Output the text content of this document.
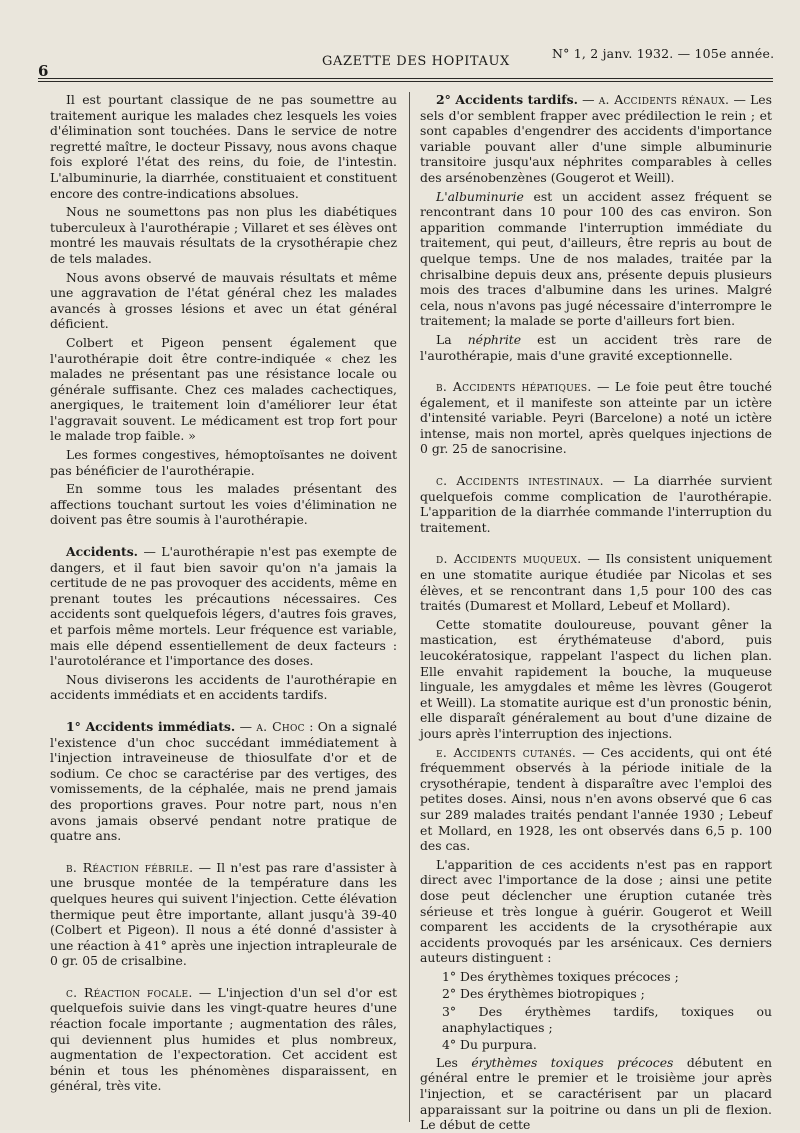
6
GAZETTE DES HOPITAUX
N° 1, 2 janv. 1932. — 105e année.

Il est pourtant classique de ne pas soumettre au traitement aurique les malades chez lesquels les voies d'élimination sont touchées. Dans le service de notre regretté maître, le docteur Pissavy, nous avons chaque fois exploré l'état des reins, du foie, de l'intestin. L'albuminurie, la diarrhée, constituaient et constituent encore des contre-indications absolues.

Nous ne soumettons pas non plus les diabétiques tuberculeux à l'aurothérapie ; Villaret et ses élèves ont montré les mauvais résultats de la crysothérapie chez de tels malades.

Nous avons observé de mauvais résultats et même une aggravation de l'état général chez les malades avancés à grosses lésions et avec un état général déficient.

Colbert et Pigeon pensent également que l'aurothérapie doit être contre-indiquée « chez les malades ne présentant pas une résistance locale ou générale suffisante. Chez ces malades cachectiques, anergiques, le traitement loin d'améliorer leur état l'aggravait souvent. Le médicament est trop fort pour le malade trop faible. »

Les formes congestives, hémoptoïsantes ne doivent pas bénéficier de l'aurothérapie.

En somme tous les malades présentant des affections touchant surtout les voies d'élimination ne doivent pas être soumis à l'aurothérapie.

Accidents. — L'aurothérapie n'est pas exempte de dangers, et il faut bien savoir qu'on n'a jamais la certitude de ne pas provoquer des accidents, même en prenant toutes les précautions nécessaires. Ces accidents sont quelquefois légers, d'autres fois graves, et parfois même mortels. Leur fréquence est variable, mais elle dépend essentiellement de deux facteurs : l'aurotolérance et l'importance des doses.

Nous diviserons les accidents de l'aurothérapie en accidents immédiats et en accidents tardifs.

1° Accidents immédiats. — a. Choc : On a signalé l'existence d'un choc succédant immédiatement à l'injection intraveineuse de thiosulfate d'or et de sodium. Ce choc se caractérise par des vertiges, des vomissements, de la céphalée, mais ne prend jamais des proportions graves. Pour notre part, nous n'en avons jamais observé pendant notre pratique de quatre ans.

b. Réaction fébrile. — Il n'est pas rare d'assister à une brusque montée de la température dans les quelques heures qui suivent l'injection. Cette élévation thermique peut être importante, allant jusqu'à 39-40 (Colbert et Pigeon). Il nous a été donné d'assister à une réaction à 41° après une injection intrapleurale de 0 gr. 05 de crisalbine.

c. Réaction focale. — L'injection d'un sel d'or est quelquefois suivie dans les vingt-quatre heures d'une réaction focale importante ; augmentation des râles, qui deviennent plus humides et plus nombreux, augmentation de l'expectoration. Cet accident est bénin et tous les phénomènes disparaissent, en général, très vite.

2° Accidents tardifs. — a. Accidents rénaux. — Les sels d'or semblent frapper avec prédilection le rein ; et sont capables d'engendrer des accidents d'importance variable pouvant aller d'une simple albuminurie transitoire jusqu'aux néphrites comparables à celles des arsénobenzènes (Gougerot et Weill).

L'albuminurie est un accident assez fréquent se rencontrant dans 10 pour 100 des cas environ. Son apparition commande l'interruption immédiate du traitement, qui peut, d'ailleurs, être repris au bout de quelque temps. Une de nos malades, traitée par la chrisalbine depuis deux ans, présente depuis plusieurs mois des traces d'albumine dans les urines. Malgré cela, nous n'avons pas jugé nécessaire d'interrompre le traitement; la malade se porte d'ailleurs fort bien.

La néphrite est un accident très rare de l'aurothérapie, mais d'une gravité exceptionnelle.

b. Accidents hépatiques. — Le foie peut être touché également, et il manifeste son atteinte par un ictère d'intensité variable. Peyri (Barcelone) a noté un ictère intense, mais non mortel, après quelques injections de 0 gr. 25 de sanocrisine.

c. Accidents intestinaux. — La diarrhée survient quelquefois comme complication de l'aurothérapie. L'apparition de la diarrhée commande l'interruption du traitement.

d. Accidents muqueux. — Ils consistent uniquement en une stomatite aurique étudiée par Nicolas et ses élèves, et se rencontrant dans 1,5 pour 100 des cas traités (Dumarest et Mollard, Lebeuf et Mollard).

Cette stomatite douloureuse, pouvant gêner la mastication, est érythémateuse d'abord, puis leucokératosique, rappelant l'aspect du lichen plan. Elle envahit rapidement la bouche, la muqueuse linguale, les amygdales et même les lèvres (Gougerot et Weill). La stomatite aurique est d'un pronostic bénin, elle disparaît généralement au bout d'une dizaine de jours après l'interruption des injections.

e. Accidents cutanés. — Ces accidents, qui ont été fréquemment observés à la période initiale de la crysothérapie, tendent à disparaître avec l'emploi des petites doses. Ainsi, nous n'en avons observé que 6 cas sur 289 malades traités pendant l'année 1930 ; Lebeuf et Mollard, en 1928, les ont observés dans 6,5 p. 100 des cas.

L'apparition de ces accidents n'est pas en rapport direct avec l'importance de la dose ; ainsi une petite dose peut déclencher une éruption cutanée très sérieuse et très longue à guérir. Gougerot et Weill comparent les accidents de la crysothérapie aux accidents provoqués par les arsénicaux. Ces derniers auteurs distinguent :

1° Des érythèmes toxiques précoces ;

2° Des érythèmes biotropiques ;

3° Des érythèmes tardifs, toxiques ou anaphylactiques ;

4° Du purpura.

Les érythèmes toxiques précoces débutent en général entre le premier et le troisième jour après l'injection, et se caractérisent par un placard apparaissant sur la poitrine ou dans un pli de flexion. Le début de cette
